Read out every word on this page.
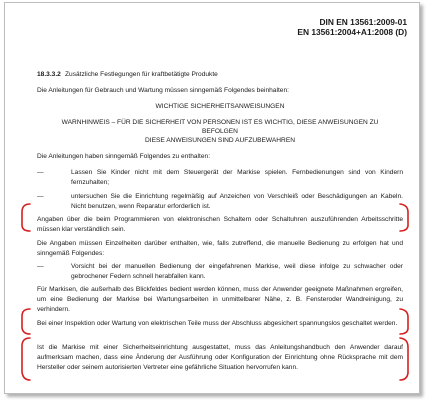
DIN EN 13561:2009-01
EN 13561:2004+A1:2008 (D)
18.3.3.2 Zusätzliche Festlegungen für kraftbetätigte Produkte

Die Anleitungen für Gebrauch und Wartung müssen sinngemäß Folgendes beinhalten:

WICHTIGE SICHERHEITSANWEISUNGEN

WARNHINWEIS – FÜR DIE SICHERHEIT VON PERSONEN IST ES WICHTIG, DIESE ANWEISUNGEN ZU

BEFOLGEN

DIESE ANWEISUNGEN SIND AUFZUBEWAHREN

Die Anleitungen haben sinngemäß Folgendes zu enthalten:

—	Lassen Sie Kinder nicht mit dem Steuergerät der Markise spielen. Fernbedienungen sind von Kindern fernzuhalten;

—	untersuchen Sie die Einrichtung regelmäßig auf Anzeichen von Verschleiß oder Beschädigungen an Kabeln. Nicht benutzen, wenn Reparatur erforderlich ist.

Angaben über die beim Programmieren von elektronischen Schaltern oder Schaltuhren auszuführenden Arbeitsschritte müssen klar verständlich sein.

Die Angaben müssen Einzelheiten darüber enthalten, wie, falls zutreffend, die manuelle Bedienung zu erfolgen hat und sinngemäß Folgendes:

—	Vorsicht bei der manuellen Bedienung der eingefahrenen Markise, weil diese infolge zu schwacher oder gebrochener Federn schnell herabfallen kann.

Für Markisen, die außerhalb des Blickfeldes bedient werden können, muss der Anwender geeignete Maßnahmen ergreifen, um eine Bedienung der Markise bei Wartungsarbeiten in unmittelbarer Nähe, z. B. Fensteroder Wandreinigung, zu verhindern.

Bei einer Inspektion oder Wartung von elektrischen Teile muss der Abschluss abgesichert spannungslos geschaltet werden.

Ist die Markise mit einer Sicherheitseinrichtung ausgestattet, muss das Anleitungshandbuch den Anwender darauf aufmerksam machen, dass eine Änderung der Ausführung oder Konfiguration der Einrichtung ohne Rücksprache mit dem Hersteller oder seinem autorisierten Vertreter eine gefährliche Situation hervorrufen kann.
